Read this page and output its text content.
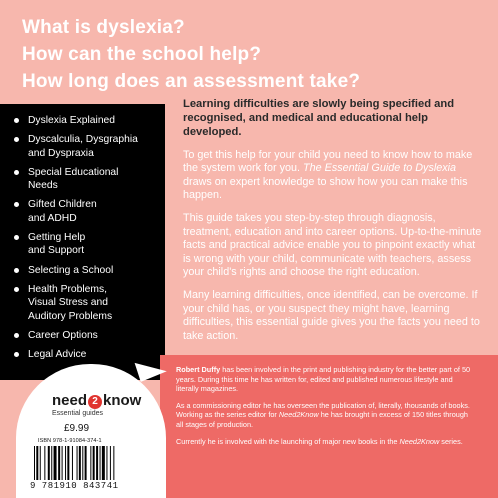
What is dyslexia?
How can the school help?
How long does an assessment take?
Dyslexia Explained
Dyscalculia, Dysgraphia
and Dyspraxia
Special Educational
Needs
Gifted Children
and ADHD
Getting Help
and Support
Selecting a School
Health Problems,
Visual Stress and
Auditory Problems
Career Options
Legal Advice

Learning difficulties are slowly being specified and recognised, and medical and educational help developed.

To get this help for your child you need to know how to make the system work for you. The Essential Guide to Dyslexia draws on expert knowledge to show how you can make this happen.

This guide takes you step-by-step through diagnosis, treatment, education and into career options. Up-to-the-minute facts and practical advice enable you to pinpoint exactly what is wrong with your child, communicate with teachers, assess your child's rights and choose the right education.

Many learning difficulties, once identified, can be overcome. If your child has, or you suspect they might have, learning difficulties, this essential guide gives you the facts you need to take action.

Robert Duffy has been involved in the print and publishing industry for the better part of 50 years. During this time he has written for, edited and published numerous lifestyle and literally magazines.

As a commissioning editor he has overseen the publication of, literally, thousands of books. Working as the series editor for Need2Know he has brought in excess of 150 titles through all stages of production.

Currently he is involved with the launching of major new books in the Need2Know series.

need 2 know
Essential guides
£9.99
ISBN 978-1-91084-374-1
9 781910 843741
